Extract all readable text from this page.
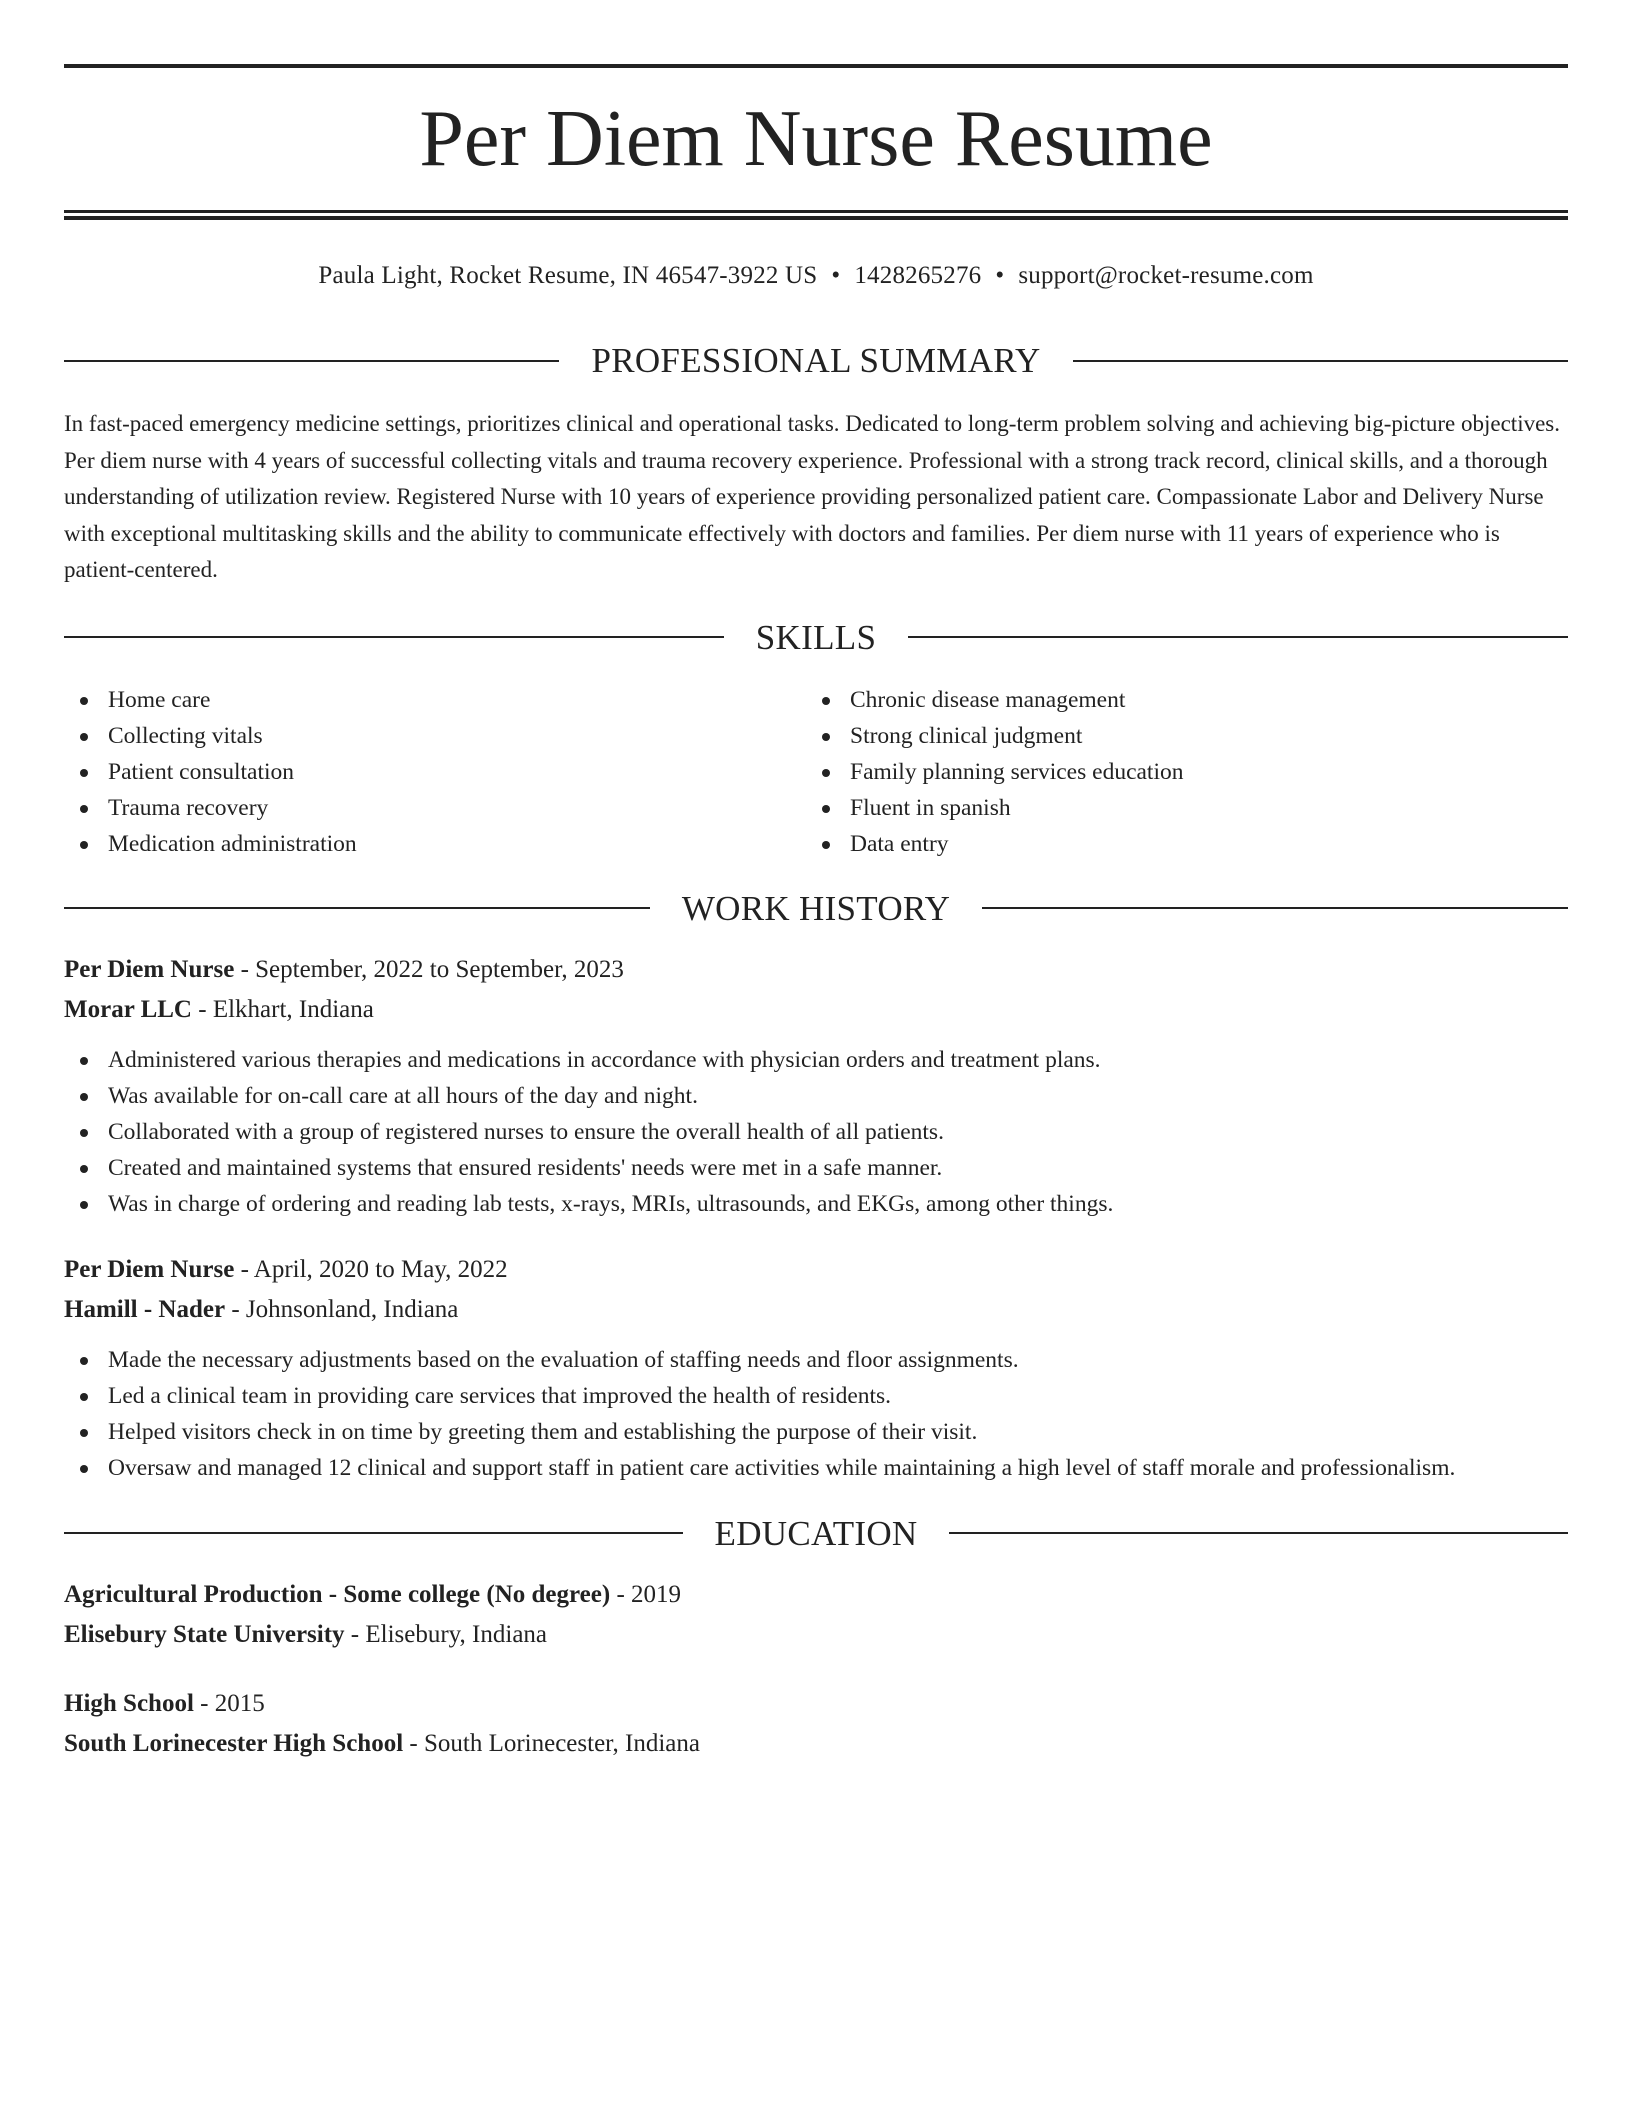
Per Diem Nurse Resume
Paula Light, Rocket Resume, IN 46547-3922 US • 1428265276 • support@rocket-resume.com
PROFESSIONAL SUMMARY
In fast-paced emergency medicine settings, prioritizes clinical and operational tasks. Dedicated to long-term problem solving and achieving big-picture objectives. Per diem nurse with 4 years of successful collecting vitals and trauma recovery experience. Professional with a strong track record, clinical skills, and a thorough understanding of utilization review. Registered Nurse with 10 years of experience providing personalized patient care. Compassionate Labor and Delivery Nurse with exceptional multitasking skills and the ability to communicate effectively with doctors and families. Per diem nurse with 11 years of experience who is patient-centered.
SKILLS
Home care
Collecting vitals
Patient consultation
Trauma recovery
Medication administration
Chronic disease management
Strong clinical judgment
Family planning services education
Fluent in spanish
Data entry
WORK HISTORY
Per Diem Nurse - September, 2022 to September, 2023
Morar LLC - Elkhart, Indiana
Administered various therapies and medications in accordance with physician orders and treatment plans.
Was available for on-call care at all hours of the day and night.
Collaborated with a group of registered nurses to ensure the overall health of all patients.
Created and maintained systems that ensured residents' needs were met in a safe manner.
Was in charge of ordering and reading lab tests, x-rays, MRIs, ultrasounds, and EKGs, among other things.
Per Diem Nurse - April, 2020 to May, 2022
Hamill - Nader - Johnsonland, Indiana
Made the necessary adjustments based on the evaluation of staffing needs and floor assignments.
Led a clinical team in providing care services that improved the health of residents.
Helped visitors check in on time by greeting them and establishing the purpose of their visit.
Oversaw and managed 12 clinical and support staff in patient care activities while maintaining a high level of staff morale and professionalism.
EDUCATION
Agricultural Production - Some college (No degree) - 2019
Elisebury State University - Elisebury, Indiana
High School - 2015
South Lorinecester High School - South Lorinecester, Indiana
